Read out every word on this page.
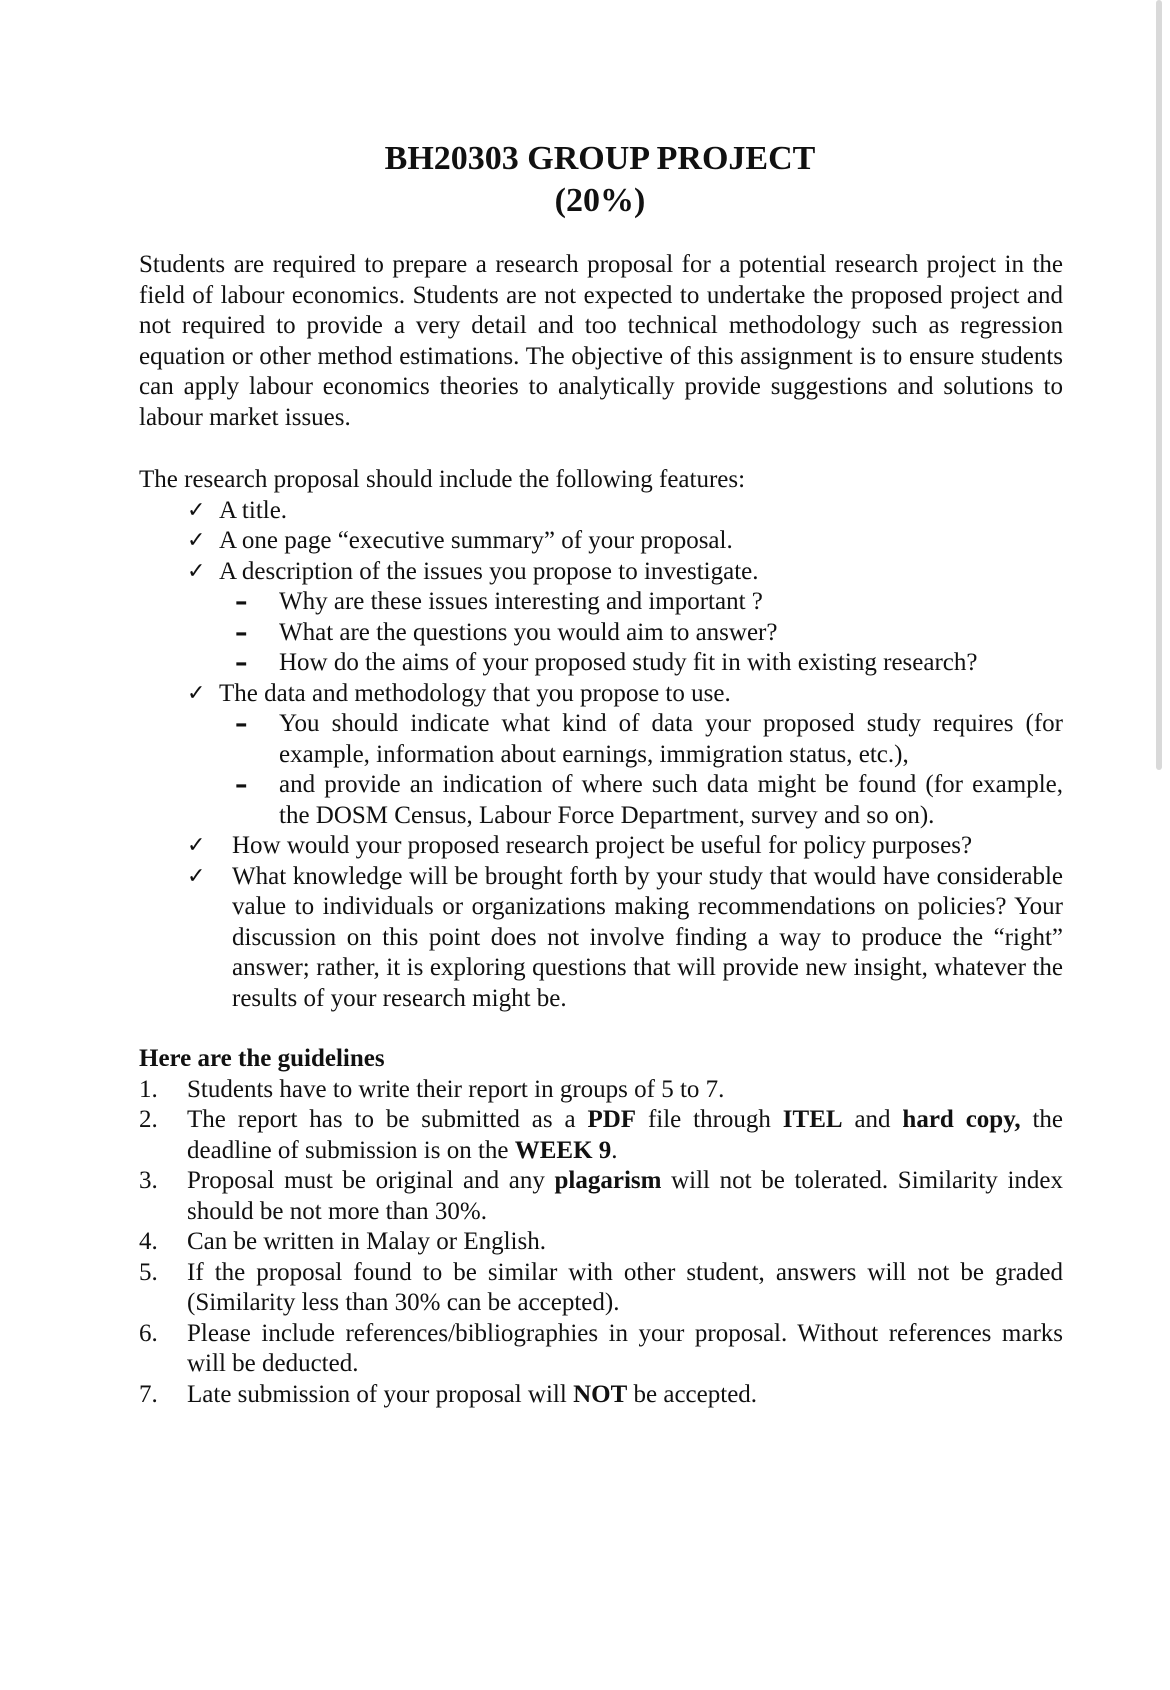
BH20303 GROUP PROJECT
(20%)

Students are required to prepare a research proposal for a potential research project in the field of labour economics. Students are not expected to undertake the proposed project and not required to provide a very detail and too technical methodology such as regression equation or other method estimations. The objective of this assignment is to ensure students can apply labour economics theories to analytically provide suggestions and solutions to labour market issues.

The research proposal should include the following features:

✓ A title.
✓ A one page “executive summary” of your proposal.
✓ A description of the issues you propose to investigate.
– Why are these issues interesting and important ?
– What are the questions you would aim to answer?
– How do the aims of your proposed study fit in with existing research?
✓ The data and methodology that you propose to use.
– You should indicate what kind of data your proposed study requires (for example, information about earnings, immigration status, etc.),
– and provide an indication of where such data might be found (for example, the DOSM Census, Labour Force Department, survey and so on).
✓ How would your proposed research project be useful for policy purposes?
✓ What knowledge will be brought forth by your study that would have considerable value to individuals or organizations making recommendations on policies? Your discussion on this point does not involve finding a way to produce the “right” answer; rather, it is exploring questions that will provide new insight, whatever the results of your research might be.

Here are the guidelines

1. Students have to write their report in groups of 5 to 7.
2. The report has to be submitted as a PDF file through ITEL and hard copy, the deadline of submission is on the WEEK 9.
3. Proposal must be original and any plagarism will not be tolerated. Similarity index should be not more than 30%.
4. Can be written in Malay or English.
5. If the proposal found to be similar with other student, answers will not be graded (Similarity less than 30% can be accepted).
6. Please include references/bibliographies in your proposal. Without references marks will be deducted.
7. Late submission of your proposal will NOT be accepted.
